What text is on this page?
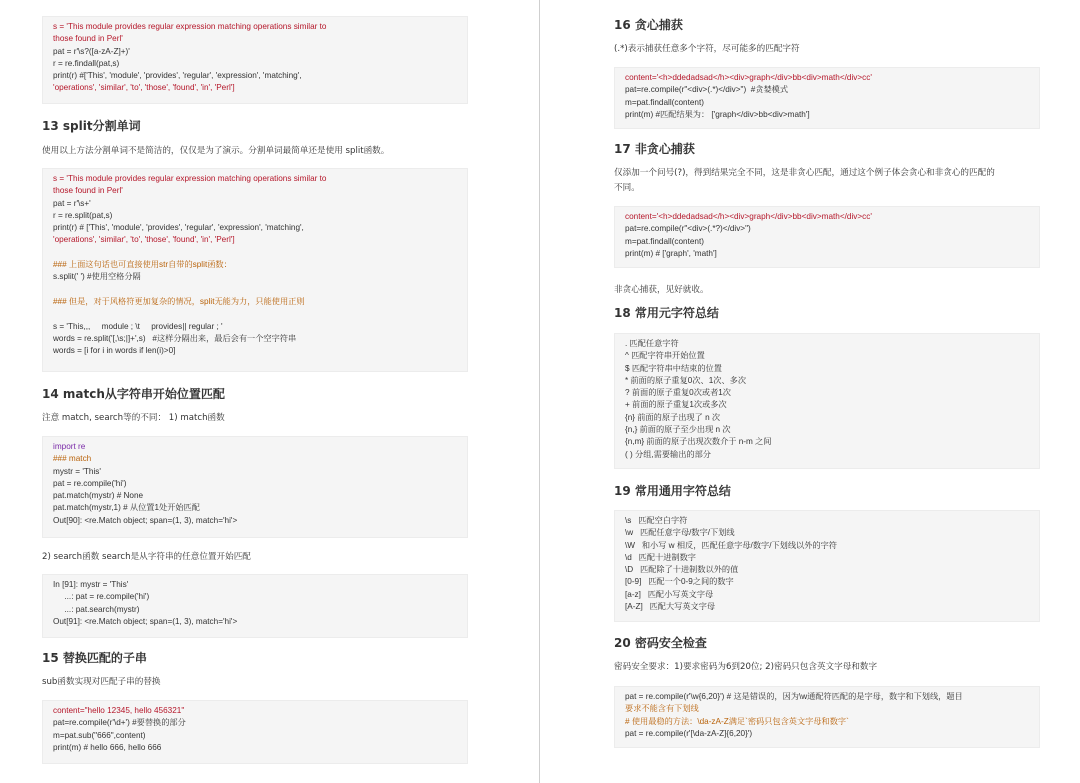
s = 'This module provides regular expression matching operations similar to
those found in Perl'
pat = r'\s?([a-zA-Z]+)'
r = re.findall(pat,s)
print(r) #['This', 'module', 'provides', 'regular', 'expression', 'matching',
'operations', 'similar', 'to', 'those', 'found', 'in', 'Perl']
13 split分割单词

使用以上方法分割单词不是简洁的，仅仅是为了演示。分割单词最简单还是使用 split函数。

s = 'This module provides regular expression matching operations similar to
those found in Perl'
pat = r'\s+'
r = re.split(pat,s)
print(r) # ['This', 'module', 'provides', 'regular', 'expression', 'matching',
'operations', 'similar', 'to', 'those', 'found', 'in', 'Perl']
### 上面这句话也可直接使用str自带的split函数：
s.split(' ') #使用空格分隔
### 但是，对于风格符更加复杂的情况，split无能为力，只能使用正则
s = 'This,,,     module ; \t     provides|| regular ; '
words = re.split('[,\s;|]+',s)   #这样分隔出来，最后会有一个空字符串
words = [i for i in words if len(i)>0]
14 match从字符串开始位置匹配

注意 match, search等的不同： 1) match函数

import re
### match
mystr = 'This'
pat = re.compile('hi')
pat.match(mystr) # None
pat.match(mystr,1) # 从位置1处开始匹配
Out[90]: <re.Match object; span=(1, 3), match='hi'>

2) search函数 search是从字符串的任意位置开始匹配

In [91]: mystr = 'This'
...: pat = re.compile('hi')
...: pat.search(mystr)
Out[91]: <re.Match object; span=(1, 3), match='hi'>
15 替换匹配的子串

sub函数实现对匹配子串的替换

content="hello 12345, hello 456321"
pat=re.compile(r'\d+') #要替换的部分
m=pat.sub("666",content)
print(m) # hello 666, hello 666
16 贪心捕获

(.*)表示捕获任意多个字符，尽可能多的匹配字符

content='<h>ddedadsad</h><div>graph</div>bb<div>math</div>cc'
pat=re.compile(r"<div>(.*)</div>")  #贪婪模式
m=pat.findall(content)
print(m) #匹配结果为： ['graph</div>bb<div>math']
17 非贪心捕获

仅添加一个问号(?)，得到结果完全不同，这是非贪心匹配，通过这个例子体会贪心和非贪心的匹配的

不同。

content='<h>ddedadsad</h><div>graph</div>bb<div>math</div>cc'
pat=re.compile(r"<div>(.*?)</div>")
m=pat.findall(content)
print(m) # ['graph', 'math']

非贪心捕获，见好就收。

18 常用元字符总结
. 匹配任意字符
^ 匹配字符串开始位置
$ 匹配字符串中结束的位置
* 前面的原子重复0次、1次、多次
? 前面的原子重复0次或者1次
+ 前面的原子重复1次或多次
{n} 前面的原子出现了 n 次
{n,} 前面的原子至少出现 n 次
{n,m} 前面的原子出现次数介于 n-m 之间
( ) 分组,需要输出的部分
19 常用通用字符总结
\s   匹配空白字符
\w   匹配任意字母/数字/下划线
\W   和小写 w 相反，匹配任意字母/数字/下划线以外的字符
\d   匹配十进制数字
\D   匹配除了十进制数以外的值
[0-9]   匹配一个0-9之间的数字
[a-z]   匹配小写英文字母
[A-Z]   匹配大写英文字母
20 密码安全检查

密码安全要求：1)要求密码为6到20位; 2)密码只包含英文字母和数字

pat = re.compile(r'\w{6,20}') # 这是错误的，因为\w通配符匹配的是字母，数字和下划线，题目
要求不能含有下划线
# 使用最稳的方法：\da-zA-Z满足`密码只包含英文字母和数字`
pat = re.compile(r'[\da-zA-Z]{6,20}')
